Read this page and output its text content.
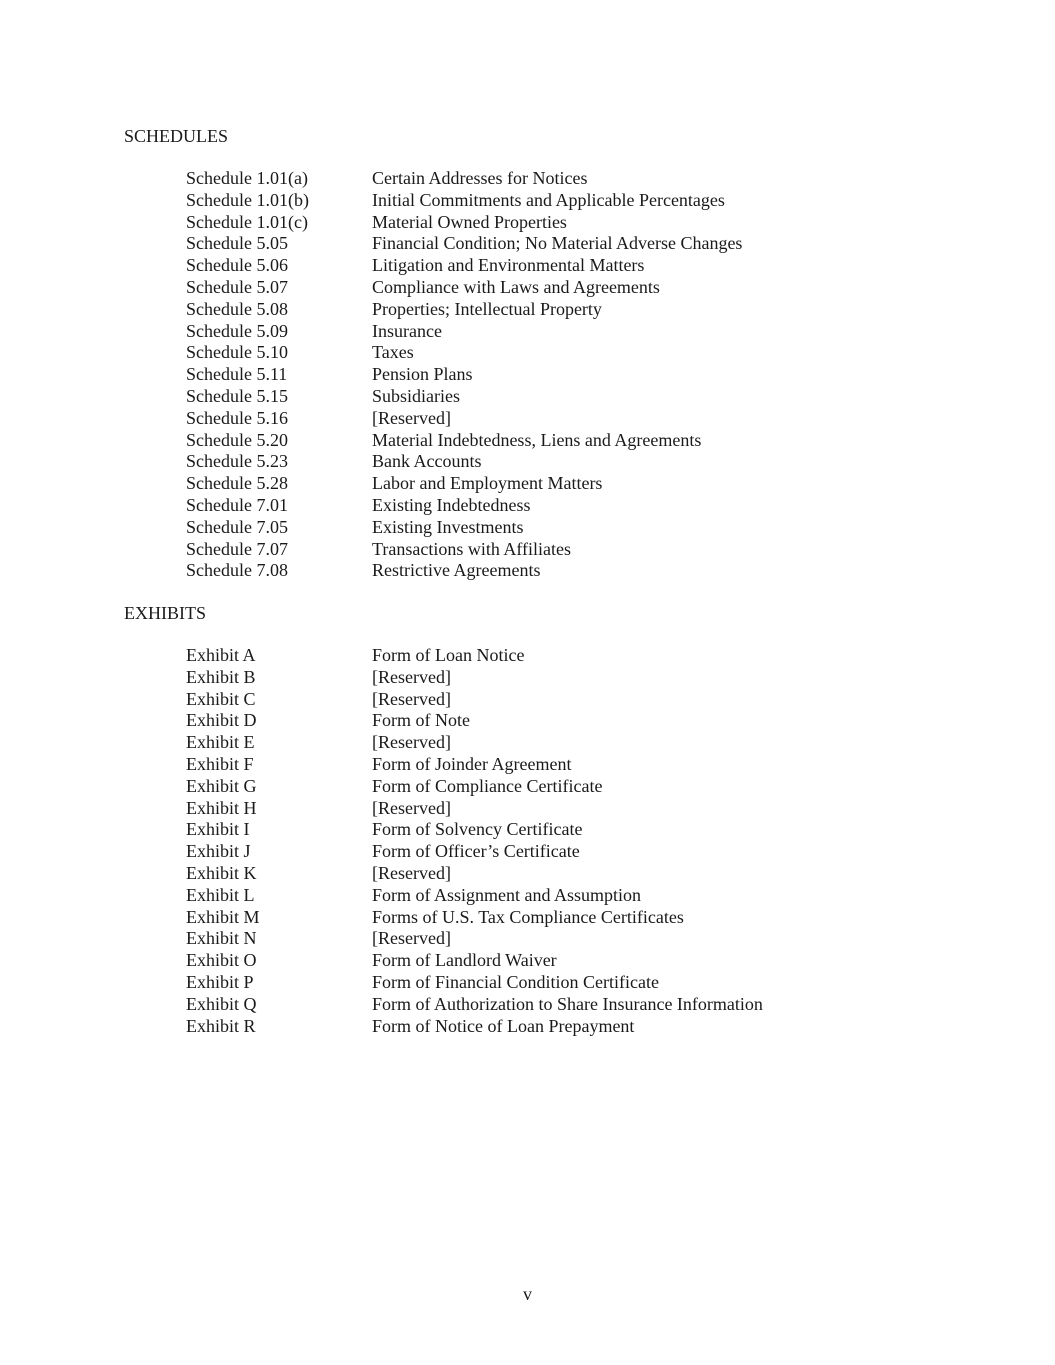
SCHEDULES
Schedule 1.01(a)	Certain Addresses for Notices
Schedule 1.01(b)	Initial Commitments and Applicable Percentages
Schedule 1.01(c)	Material Owned Properties
Schedule 5.05	Financial Condition; No Material Adverse Changes
Schedule 5.06	Litigation and Environmental Matters
Schedule 5.07	Compliance with Laws and Agreements
Schedule 5.08	Properties; Intellectual Property
Schedule 5.09	Insurance
Schedule 5.10	Taxes
Schedule 5.11	Pension Plans
Schedule 5.15	Subsidiaries
Schedule 5.16	[Reserved]
Schedule 5.20	Material Indebtedness, Liens and Agreements
Schedule 5.23	Bank Accounts
Schedule 5.28	Labor and Employment Matters
Schedule 7.01	Existing Indebtedness
Schedule 7.05	Existing Investments
Schedule 7.07	Transactions with Affiliates
Schedule 7.08	Restrictive Agreements
EXHIBITS
Exhibit A	Form of Loan Notice
Exhibit B	[Reserved]
Exhibit C	[Reserved]
Exhibit D	Form of Note
Exhibit E	[Reserved]
Exhibit F	Form of Joinder Agreement
Exhibit G	Form of Compliance Certificate
Exhibit H	[Reserved]
Exhibit I	Form of Solvency Certificate
Exhibit J	Form of Officer’s Certificate
Exhibit K	[Reserved]
Exhibit L	Form of Assignment and Assumption
Exhibit M	Forms of U.S. Tax Compliance Certificates
Exhibit N	[Reserved]
Exhibit O	Form of Landlord Waiver
Exhibit P	Form of Financial Condition Certificate
Exhibit Q	Form of Authorization to Share Insurance Information
Exhibit R	Form of Notice of Loan Prepayment
v
